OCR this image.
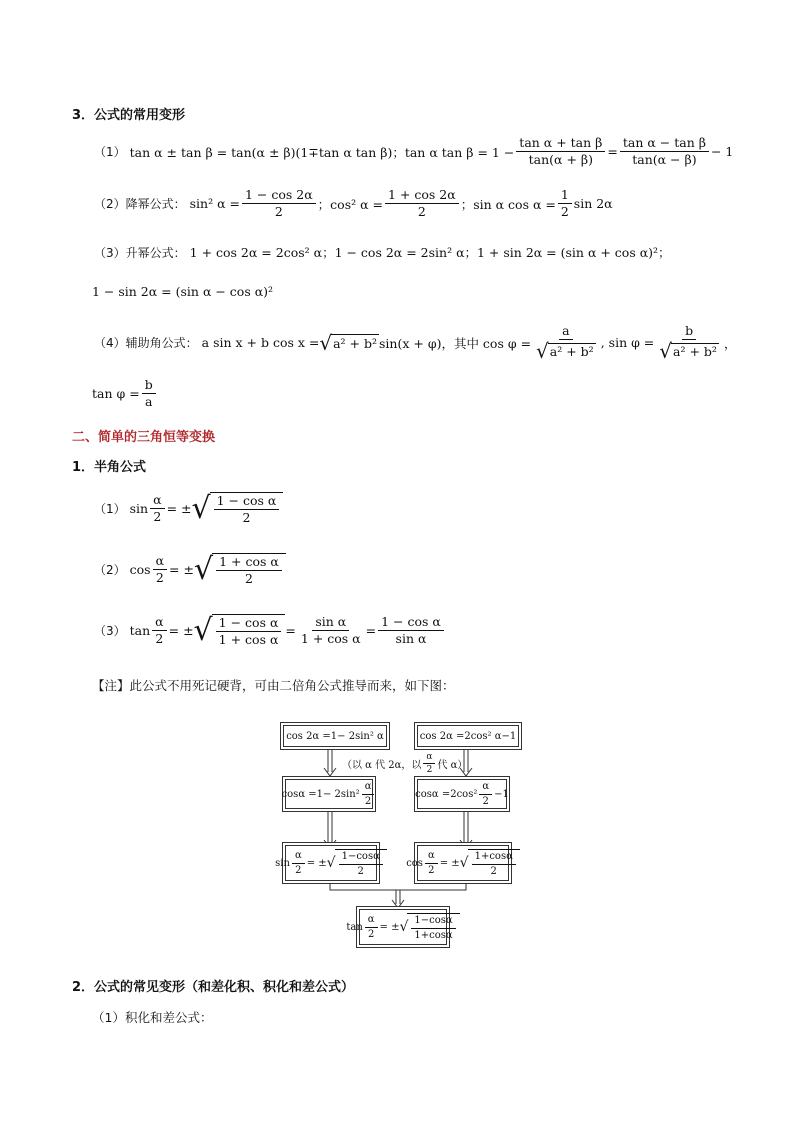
3．公式的常用变形
（1） tan α ± tan β = tan(α ± β)(1∓tan α tan β)；tan α $\tan \beta = 1 - \frac{\text{tan α + tan β}}{\tan(\alpha + \beta)} = \frac{\text{tan α − tan β}}{\tan(\alpha - \beta)} - 1$
（2）降幂公式： sin² $\alpha = \frac{1 - \cos 2\alpha}{2}$ ；cos² $\alpha = \frac{1 + \cos 2\alpha}{2}$ ；sin α $\cos \alpha = \frac{1}{2}$ sin 2α
（3）升幂公式： 1 + cos 2α = 2cos² α；1 − cos 2α = 2sin² α；1 + sin 2α = (sin α + cos α)²；
1 − sin 2α = (sin α − cos α)²
（4）辅助角公式： a sin x + b cos x = √ a² + b² sin(x + φ)，其中 $\cos \varphi = \frac{a}{\text{√ a² + b²}}$ , $\sin \varphi = \frac{b}{\text{√ a² + b²}}$ ，
$\tan \varphi = \frac{b}{a}$
二、简单的三角恒等变换
1．半角公式
（1） $\sin \frac{\alpha}{2}$ = ± √ $\frac{\text{1 − cos α}}{2}$
（2） $\cos \frac{\alpha}{2}$ = ± √ $\frac{\text{1 + cos α}}{2}$
（3） $\tan \frac{\alpha}{2}$ = ± √ $\frac{\text{1 − cos α}}{\text{1 + cos α}} = \frac{\text{sin α}}{\text{1 + cos α}} = \frac{\text{1 − cos α}}{\text{sin α}}$
【注】此公式不用死记硬背，可由二倍角公式推导而来，如下图：
cos 2α =1− 2sin² α	cos 2α =2cos² α−1
（以 α 代 2α，以 $\frac{\alpha}{2}$ 代 α）
$\cos\alpha =1- 2\sin^2 \frac{\alpha}{2}$	$\cos\alpha =2\cos^2 \frac{\alpha}{2} -1$
$\sin \frac{\alpha}{2}$ = ± √ $\frac{1-\cos\alpha}{2}$ $\cos \frac{\alpha}{2}$ = ± √ $\frac{1+\cos\alpha}{2}$
$\tan \frac{\alpha}{2}$ = ± √ $\frac{1-\cos\alpha}{1+\cos\alpha}$
2．公式的常见变形（和差化积、积化和差公式）
（1）积化和差公式：
